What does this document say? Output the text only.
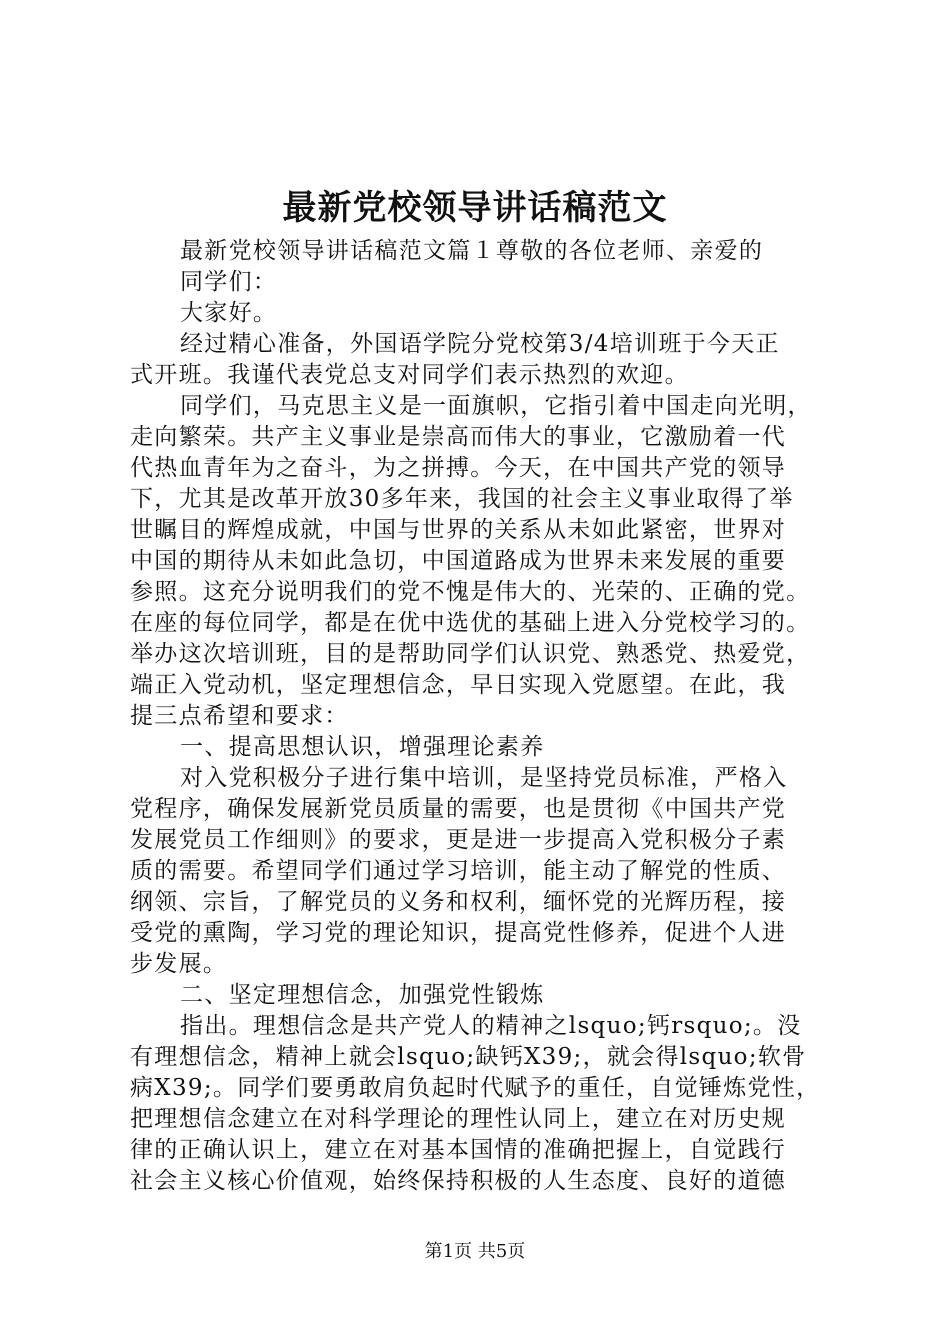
最新党校领导讲话稿范文
最新党校领导讲话稿范文篇１尊敬的各位老师、亲爱的
同学们：
大家好。
经过精心准备，外国语学院分党校第3/4培训班于今天正
式开班。我谨代表党总支对同学们表示热烈的欢迎。
同学们，马克思主义是一面旗帜，它指引着中国走向光明，
走向繁荣。共产主义事业是崇高而伟大的事业，它激励着一代
代热血青年为之奋斗，为之拼搏。今天，在中国共产党的领导
下，尤其是改革开放30多年来，我国的社会主义事业取得了举
世瞩目的辉煌成就，中国与世界的关系从未如此紧密，世界对
中国的期待从未如此急切，中国道路成为世界未来发展的重要
参照。这充分说明我们的党不愧是伟大的、光荣的、正确的党。
在座的每位同学，都是在优中选优的基础上进入分党校学习的。
举办这次培训班，目的是帮助同学们认识党、熟悉党、热爱党，
端正入党动机，坚定理想信念，早日实现入党愿望。在此，我
提三点希望和要求：
一、提高思想认识，增强理论素养
对入党积极分子进行集中培训，是坚持党员标准，严格入
党程序，确保发展新党员质量的需要，也是贯彻《中国共产党
发展党员工作细则》的要求，更是进一步提高入党积极分子素
质的需要。希望同学们通过学习培训，能主动了解党的性质、
纲领、宗旨，了解党员的义务和权利，缅怀党的光辉历程，接
受党的熏陶，学习党的理论知识，提高党性修养，促进个人进
步发展。
二、坚定理想信念，加强党性锻炼
指出。理想信念是共产党人的精神之lsquo;钙rsquo;。没
有理想信念，精神上就会lsquo;缺钙X39;，就会得lsquo;软骨
病X39;。同学们要勇敢肩负起时代赋予的重任，自觉锤炼党性，
把理想信念建立在对科学理论的理性认同上，建立在对历史规
律的正确认识上，建立在对基本国情的准确把握上，自觉践行
社会主义核心价值观，始终保持积极的人生态度、良好的道德
第1页 共5页
